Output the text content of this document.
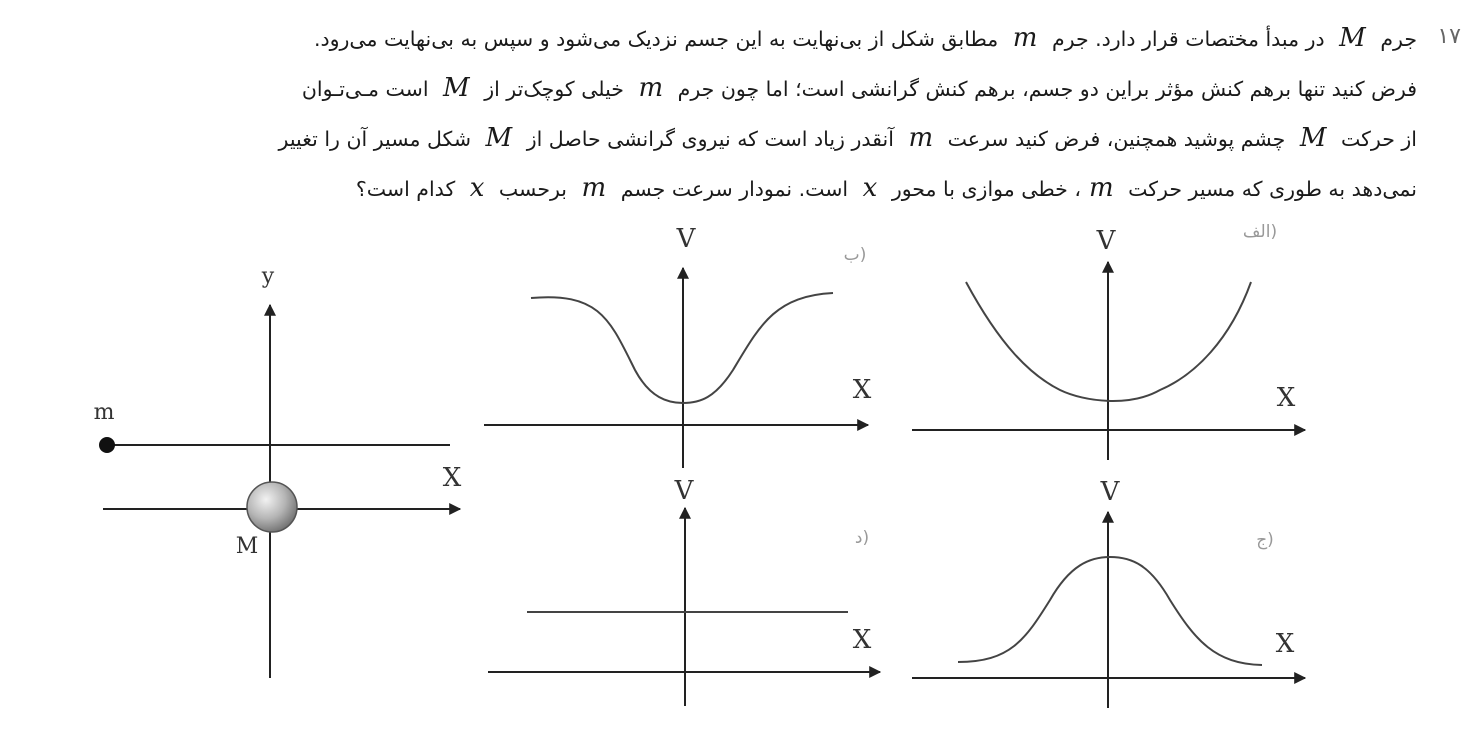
۱۷
جرم M در مبدأ مختصات قرار دارد. جرم m مطابق شکل از بی‌نهایت به این جسم نزدیک می‌شود و سپس به بی‌نهایت می‌رود.
فرض کنید تنها برهم کنش مؤثر براین دو جسم، برهم کنش گرانشی است؛ اما چون جرم m خیلی کوچک‌تر از M است مـی‌تـوان
از حرکت M چشم پوشید همچنین، فرض کنید سرعت m آنقدر زیاد است که نیروی گرانشی حاصل از M شکل مسیر آن را تغییر
نمی‌دهد به طوری که مسیر حرکت m، خطی موازی با محور x است. نمودار سرعت جسم m برحسب x کدام است؟
y
X
m
M
V
X
الف)
V
X
ب)
V
X
ج)
V
X
د)
